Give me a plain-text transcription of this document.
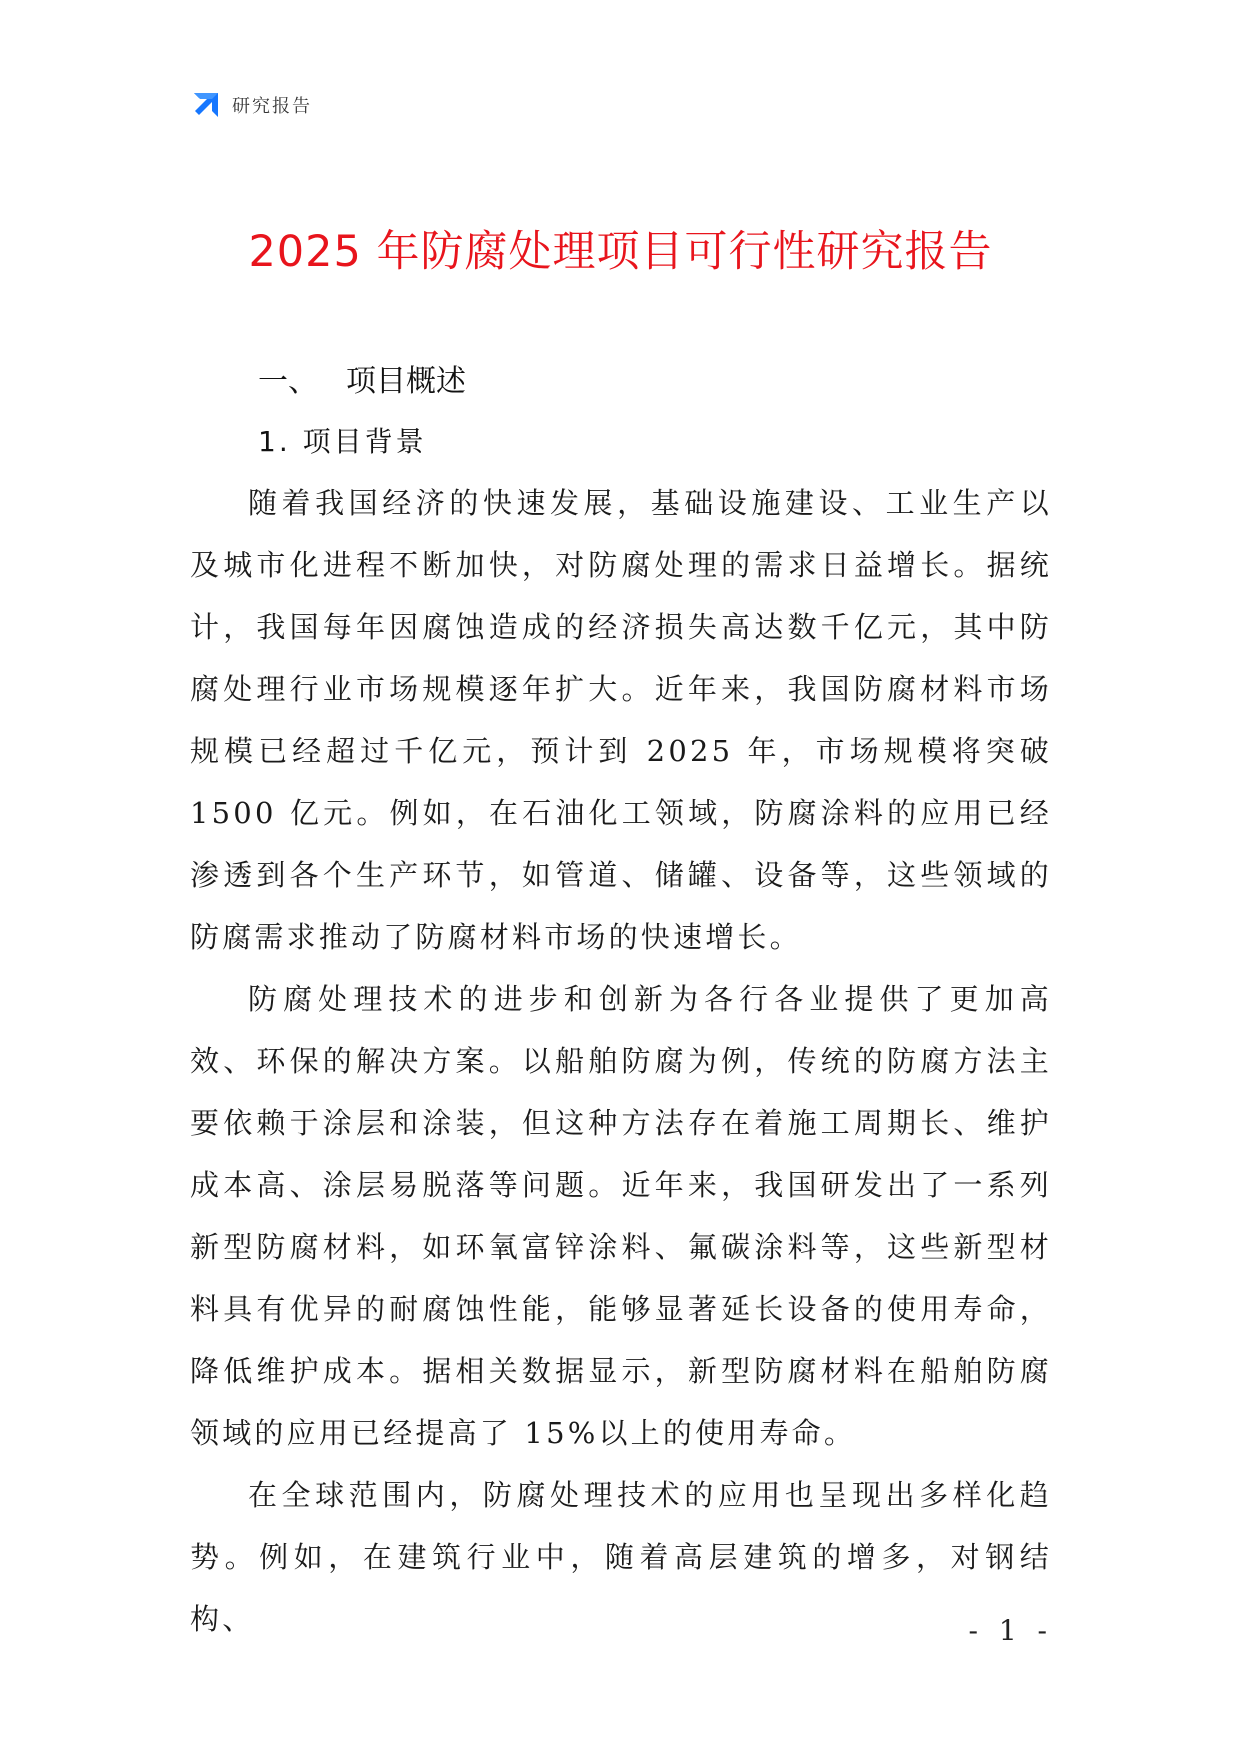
研究报告
2025 年防腐处理项目可行性研究报告
一、 项目概述
1. 项目背景

随着我国经济的快速发展，基础设施建设、工业生产以及城市化进程不断加快，对防腐处理的需求日益增长。据统计，我国每年因腐蚀造成的经济损失高达数千亿元，其中防腐处理行业市场规模逐年扩大。近年来，我国防腐材料市场规模已经超过千亿元，预计到 2025 年，市场规模将突破 1500 亿元。例如，在石油化工领域，防腐涂料的应用已经渗透到各个生产环节，如管道、储罐、设备等，这些领域的防腐需求推动了防腐材料市场的快速增长。

防腐处理技术的进步和创新为各行各业提供了更加高效、环保的解决方案。以船舶防腐为例，传统的防腐方法主要依赖于涂层和涂装，但这种方法存在着施工周期长、维护成本高、涂层易脱落等问题。近年来，我国研发出了一系列新型防腐材料，如环氧富锌涂料、氟碳涂料等，这些新型材料具有优异的耐腐蚀性能，能够显著延长设备的使用寿命，降低维护成本。据相关数据显示，新型防腐材料在船舶防腐领域的应用已经提高了 15%以上的使用寿命。

在全球范围内，防腐处理技术的应用也呈现出多样化趋势。例如，在建筑行业中，随着高层建筑的增多，对钢结构、	- 1 -
